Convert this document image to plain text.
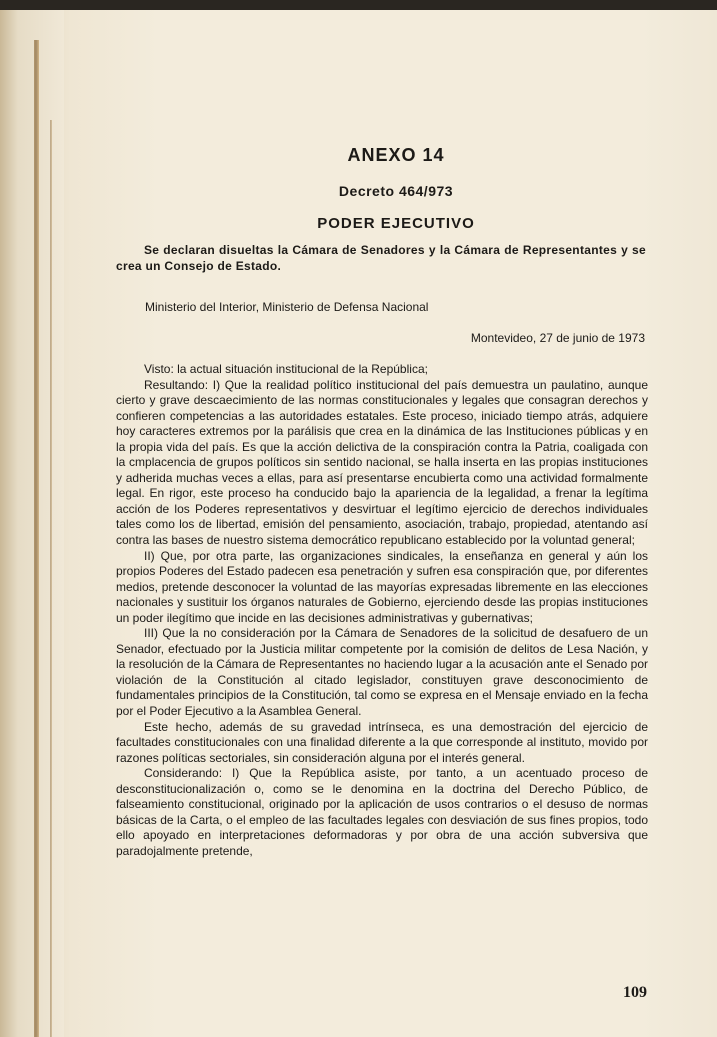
ANEXO 14
Decreto 464/973
PODER EJECUTIVO

Se declaran disueltas la Cámara de Senadores y la Cámara de Representantes y se crea un Consejo de Estado.

Ministerio del Interior, Ministerio de Defensa Nacional
Montevideo, 27 de junio de 1973

Visto: la actual situación institucional de la República;

Resultando: I) Que la realidad político institucional del país demuestra un paulatino, aunque cierto y grave descaecimiento de las normas constitucionales y legales que consagran derechos y confieren competencias a las autoridades estatales. Este proceso, iniciado tiempo atrás, adquiere hoy caracteres extremos por la parálisis que crea en la dinámica de las Instituciones públicas y en la propia vida del país. Es que la acción delictiva de la conspiración contra la Patria, coaligada con la cmplacencia de grupos políticos sin sentido nacional, se halla inserta en las propias instituciones y adherida muchas veces a ellas, para así presentarse encubierta como una actividad formalmente legal. En rigor, este proceso ha conducido bajo la apariencia de la legalidad, a frenar la legítima acción de los Poderes representativos y desvirtuar el legítimo ejercicio de derechos individuales tales como los de libertad, emisión del pensamiento, asociación, trabajo, propiedad, atentando así contra las bases de nuestro sistema democrático republicano establecido por la voluntad general;

II) Que, por otra parte, las organizaciones sindicales, la enseñanza en general y aún los propios Poderes del Estado padecen esa penetración y sufren esa conspiración que, por diferentes medios, pretende desconocer la voluntad de las mayorías expresadas libremente en las elecciones nacionales y sustituir los órganos naturales de Gobierno, ejerciendo desde las propias instituciones un poder ilegítimo que incide en las decisiones administrativas y gubernativas;

III) Que la no consideración por la Cámara de Senadores de la solicitud de desafuero de un Senador, efectuado por la Justicia militar competente por la comisión de delitos de Lesa Nación, y la resolución de la Cámara de Representantes no haciendo lugar a la acusación ante el Senado por violación de la Constitución al citado legislador, constituyen grave desconocimiento de fundamentales principios de la Constitución, tal como se expresa en el Mensaje enviado en la fecha por el Poder Ejecutivo a la Asamblea General.

Este hecho, además de su gravedad intrínseca, es una demostración del ejercicio de facultades constitucionales con una finalidad diferente a la que corresponde al instituto, movido por razones políticas sectoriales, sin consideración alguna por el interés general.

Considerando: I) Que la República asiste, por tanto, a un acentuado proceso de desconstitucionalización o, como se le denomina en la doctrina del Derecho Público, de falseamiento constitucional, originado por la aplicación de usos contrarios o el desuso de normas básicas de la Carta, o el empleo de las facultades legales con desviación de sus fines propios, todo ello apoyado en interpretaciones deformadoras y por obra de una acción subversiva que paradojalmente pretende,

109
